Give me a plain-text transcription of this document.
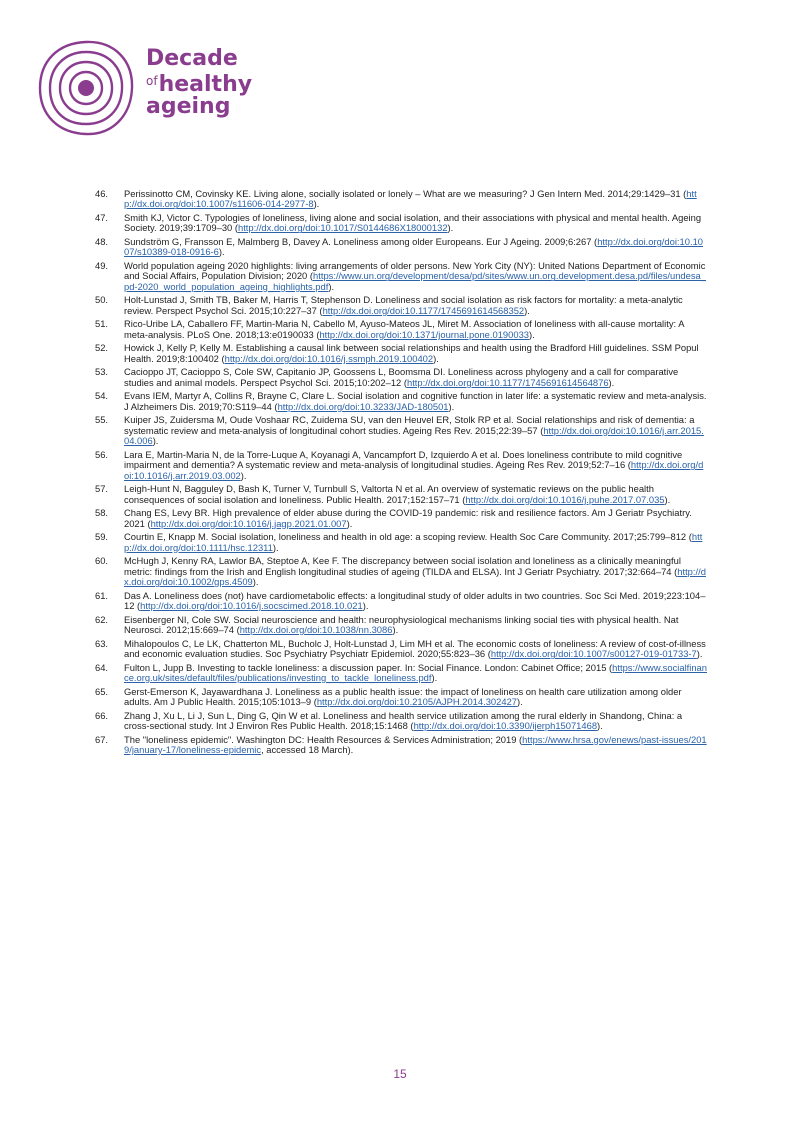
Decade
$^{of}$healthy
ageing
46. Perissinotto CM, Covinsky KE. Living alone, socially isolated or lonely – What are we measuring? J Gen Intern Med. 2014;29:1429–31 (http://dx.doi.org/doi:10.1007/s11606-014-2977-8).
47. Smith KJ, Victor C. Typologies of loneliness, living alone and social isolation, and their associations with physical and mental health. Ageing Society. 2019;39:1709–30 (http://dx.doi.org/doi:10.1017/S0144686X18000132).
48. Sundström G, Fransson E, Malmberg B, Davey A. Loneliness among older Europeans. Eur J Ageing. 2009;6:267 (http://dx.doi.org/doi:10.1007/s10389-018-0916-6).
49. World population ageing 2020 highlights: living arrangements of older persons. New York City (NY): United Nations Department of Economic and Social Affairs, Population Division; 2020 (https://www.un.org/development/desa/pd/sites/www.un.org.development.desa.pd/files/undesa_pd-2020_world_population_ageing_highlights.pdf).
50. Holt-Lunstad J, Smith TB, Baker M, Harris T, Stephenson D. Loneliness and social isolation as risk factors for mortality: a meta-analytic review. Perspect Psychol Sci. 2015;10:227–37 (http://dx.doi.org/doi:10.1177/1745691614568352).
51. Rico-Uribe LA, Caballero FF, Martin-Maria N, Cabello M, Ayuso-Mateos JL, Miret M. Association of loneliness with all-cause mortality: A meta-analysis. PLoS One. 2018;13:e0190033 (http://dx.doi.org/doi:10.1371/journal.pone.0190033).
52. Howick J, Kelly P, Kelly M. Establishing a causal link between social relationships and health using the Bradford Hill guidelines. SSM Popul Health. 2019;8:100402 (http://dx.doi.org/doi:10.1016/j.ssmph.2019.100402).
53. Cacioppo JT, Cacioppo S, Cole SW, Capitanio JP, Goossens L, Boomsma DI. Loneliness across phylogeny and a call for comparative studies and animal models. Perspect Psychol Sci. 2015;10:202–12 (http://dx.doi.org/doi:10.1177/1745691614564876).
54. Evans IEM, Martyr A, Collins R, Brayne C, Clare L. Social isolation and cognitive function in later life: a systematic review and meta-analysis. J Alzheimers Dis. 2019;70:S119–44 (http://dx.doi.org/doi:10.3233/JAD-180501).
55. Kuiper JS, Zuidersma M, Oude Voshaar RC, Zuidema SU, van den Heuvel ER, Stolk RP et al. Social relationships and risk of dementia: a systematic review and meta-analysis of longitudinal cohort studies. Ageing Res Rev. 2015;22:39–57 (http://dx.doi.org/doi:10.1016/j.arr.2015.04.006).
56. Lara E, Martin-Maria N, de la Torre-Luque A, Koyanagi A, Vancampfort D, Izquierdo A et al. Does loneliness contribute to mild cognitive impairment and dementia? A systematic review and meta-analysis of longitudinal studies. Ageing Res Rev. 2019;52:7–16 (http://dx.doi.org/doi:10.1016/j.arr.2019.03.002).
57. Leigh-Hunt N, Bagguley D, Bash K, Turner V, Turnbull S, Valtorta N et al. An overview of systematic reviews on the public health consequences of social isolation and loneliness. Public Health. 2017;152:157–71 (http://dx.doi.org/doi:10.1016/j.puhe.2017.07.035).
58. Chang ES, Levy BR. High prevalence of elder abuse during the COVID-19 pandemic: risk and resilience factors. Am J Geriatr Psychiatry. 2021 (http://dx.doi.org/doi:10.1016/j.jagp.2021.01.007).
59. Courtin E, Knapp M. Social isolation, loneliness and health in old age: a scoping review. Health Soc Care Community. 2017;25:799–812 (http://dx.doi.org/doi:10.1111/hsc.12311).
60. McHugh J, Kenny RA, Lawlor BA, Steptoe A, Kee F. The discrepancy between social isolation and loneliness as a clinically meaningful metric: findings from the Irish and English longitudinal studies of ageing (TILDA and ELSA). Int J Geriatr Psychiatry. 2017;32:664–74 (http://dx.doi.org/doi:10.1002/gps.4509).
61. Das A. Loneliness does (not) have cardiometabolic effects: a longitudinal study of older adults in two countries. Soc Sci Med. 2019;223:104–12 (http://dx.doi.org/doi:10.1016/j.socscimed.2018.10.021).
62. Eisenberger NI, Cole SW. Social neuroscience and health: neurophysiological mechanisms linking social ties with physical health. Nat Neurosci. 2012;15:669–74 (http://dx.doi.org/doi:10.1038/nn.3086).
63. Mihalopoulos C, Le LK, Chatterton ML, Bucholc J, Holt-Lunstad J, Lim MH et al. The economic costs of loneliness: A review of cost-of-illness and economic evaluation studies. Soc Psychiatry Psychiatr Epidemiol. 2020;55:823–36 (http://dx.doi.org/doi:10.1007/s00127-019-01733-7).
64. Fulton L, Jupp B. Investing to tackle loneliness: a discussion paper. In: Social Finance. London: Cabinet Office; 2015 (https://www.socialfinance.org.uk/sites/default/files/publications/investing_to_tackle_loneliness.pdf).
65. Gerst-Emerson K, Jayawardhana J. Loneliness as a public health issue: the impact of loneliness on health care utilization among older adults. Am J Public Health. 2015;105:1013–9 (http://dx.doi.org/doi:10.2105/AJPH.2014.302427).
66. Zhang J, Xu L, Li J, Sun L, Ding G, Qin W et al. Loneliness and health service utilization among the rural elderly in Shandong, China: a cross-sectional study. Int J Environ Res Public Health. 2018;15:1468 (http://dx.doi.org/doi:10.3390/ijerph15071468).
67. The "loneliness epidemic". Washington DC: Health Resources & Services Administration; 2019 (https://www.hrsa.gov/enews/past-issues/2019/january-17/loneliness-epidemic, accessed 18 March).
15
